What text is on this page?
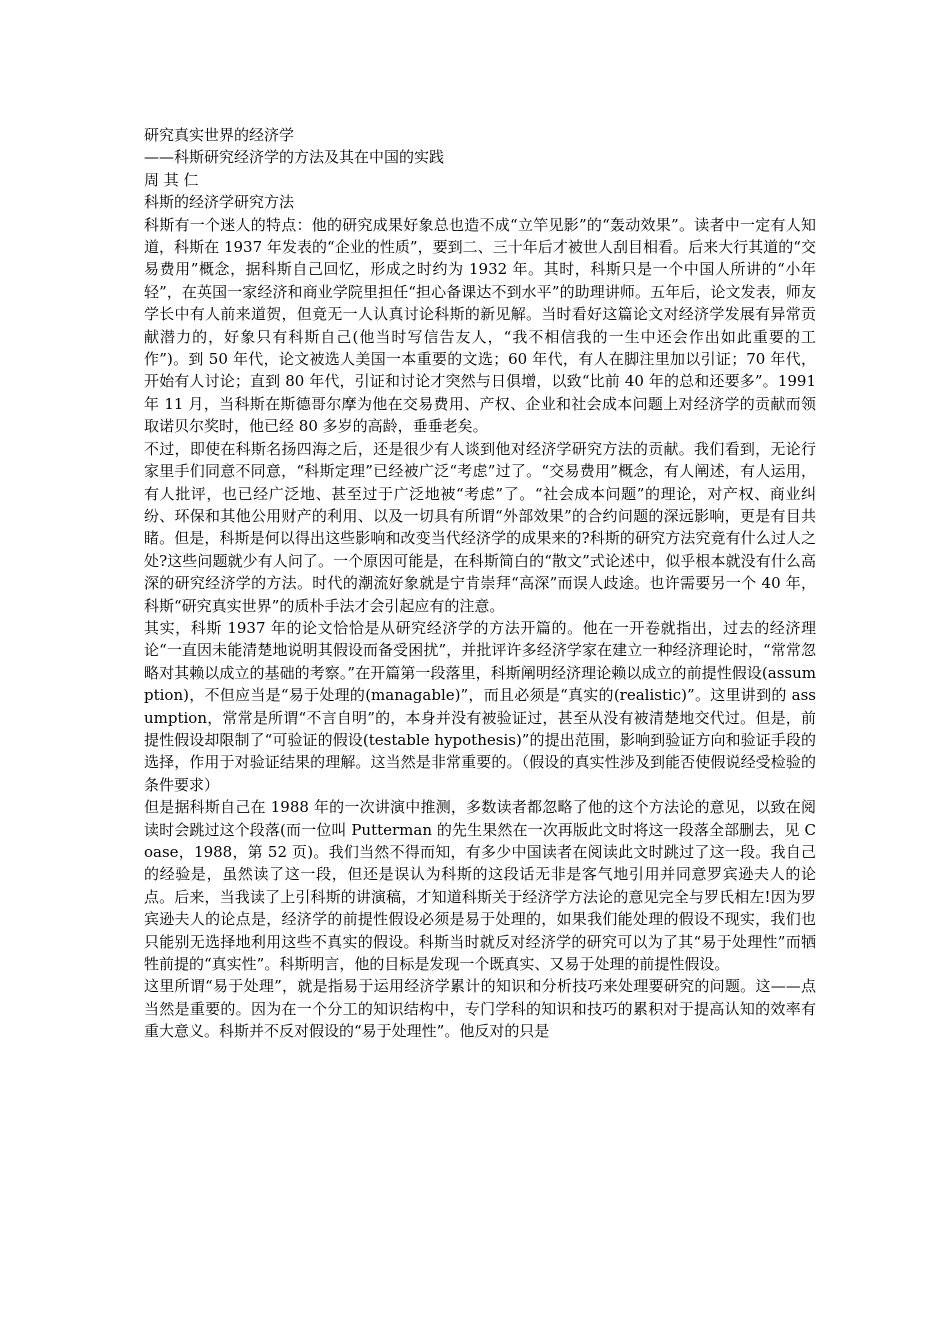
研究真实世界的经济学

——科斯研究经济学的方法及其在中国的实践

周 其 仁

科斯的经济学研究方法

科斯有一个迷人的特点：他的研究成果好象总也造不成“立竿见影”的“轰动效果”。读者中一定有人知道，科斯在 1937 年发表的“企业的性质”，要到二、三十年后才被世人刮目相看。后来大行其道的“交易费用”概念，据科斯自己回忆，形成之时约为 1932 年。其时，科斯只是一个中国人所讲的“小年轻”，在英国一家经济和商业学院里担任“担心备课达不到水平”的助理讲师。五年后，论文发表，师友学长中有人前来道贺，但竟无一人认真讨论科斯的新见解。当时看好这篇论文对经济学发展有异常贡献潜力的，好象只有科斯自己(他当时写信告友人，“我不相信我的一生中还会作出如此重要的工作”)。到 50 年代，论文被选人美国一本重要的文选；60 年代，有人在脚注里加以引证；70 年代，开始有人讨论；直到 80 年代，引证和讨论才突然与日俱增，以致“比前 40 年的总和还要多”。1991 年 11 月，当科斯在斯德哥尔摩为他在交易费用、产权、企业和社会成本问题上对经济学的贡献而领取诺贝尔奖时，他已经 80 多岁的高龄，垂垂老矣。

不过，即使在科斯名扬四海之后，还是很少有人谈到他对经济学研究方法的贡献。我们看到，无论行家里手们同意不同意，“科斯定理”已经被广泛“考虑”过了。“交易费用”概念，有人阐述，有人运用，有人批评，也已经广泛地、甚至过于广泛地被“考虑”了。“社会成本问题”的理论，对产权、商业纠纷、环保和其他公用财产的利用、以及一切具有所谓“外部效果”的合约问题的深远影响，更是有目共睹。但是，科斯是何以得出这些影响和改变当代经济学的成果来的?科斯的研究方法究竟有什么过人之处?这些问题就少有人问了。一个原因可能是，在科斯简白的“散文”式论述中，似乎根本就没有什么高深的研究经济学的方法。时代的潮流好象就是宁肯崇拜“高深”而误人歧途。也许需要另一个 40 年，科斯“研究真实世界”的质朴手法才会引起应有的注意。

其实，科斯 1937 年的论文恰恰是从研究经济学的方法开篇的。他在一开卷就指出，过去的经济理论“一直因未能清楚地说明其假设而备受困扰”，并批评许多经济学家在建立一种经济理论时，“常常忽略对其赖以成立的基础的考察。”在开篇第一段落里，科斯阐明经济理论赖以成立的前提性假设(assumption)，不但应当是“易于处理的(managable)”，而且必须是“真实的(realistic)”。这里讲到的 assumption，常常是所谓“不言自明”的，本身并没有被验证过，甚至从没有被清楚地交代过。但是，前提性假设却限制了“可验证的假设(testable hypothesis)”的提出范围，影响到验证方向和验证手段的选择，作用于对验证结果的理解。这当然是非常重要的。（假设的真实性涉及到能否使假说经受检验的条件要求）

但是据科斯自己在 1988 年的一次讲演中推测，多数读者都忽略了他的这个方法论的意见，以致在阅读时会跳过这个段落(而一位叫 Putterman 的先生果然在一次再版此文时将这一段落全部删去，见 Coase，1988，第 52 页)。我们当然不得而知，有多少中国读者在阅读此文时跳过了这一段。我自己的经验是，虽然读了这一段，但还是误认为科斯的这段话无非是客气地引用并同意罗宾逊夫人的论点。后来，当我读了上引科斯的讲演稿，才知道科斯关于经济学方法论的意见完全与罗氏相左!因为罗宾逊夫人的论点是，经济学的前提性假设必须是易于处理的，如果我们能处理的假设不现实，我们也只能别无选择地利用这些不真实的假设。科斯当时就反对经济学的研究可以为了其“易于处理性”而牺牲前提的“真实性”。科斯明言，他的目标是发现一个既真实、又易于处理的前提性假设。

这里所谓“易于处理”，就是指易于运用经济学累计的知识和分析技巧来处理要研究的问题。这——点当然是重要的。因为在一个分工的知识结构中，专门学科的知识和技巧的累积对于提高认知的效率有重大意义。科斯并不反对假设的“易于处理性”。他反对的只是
